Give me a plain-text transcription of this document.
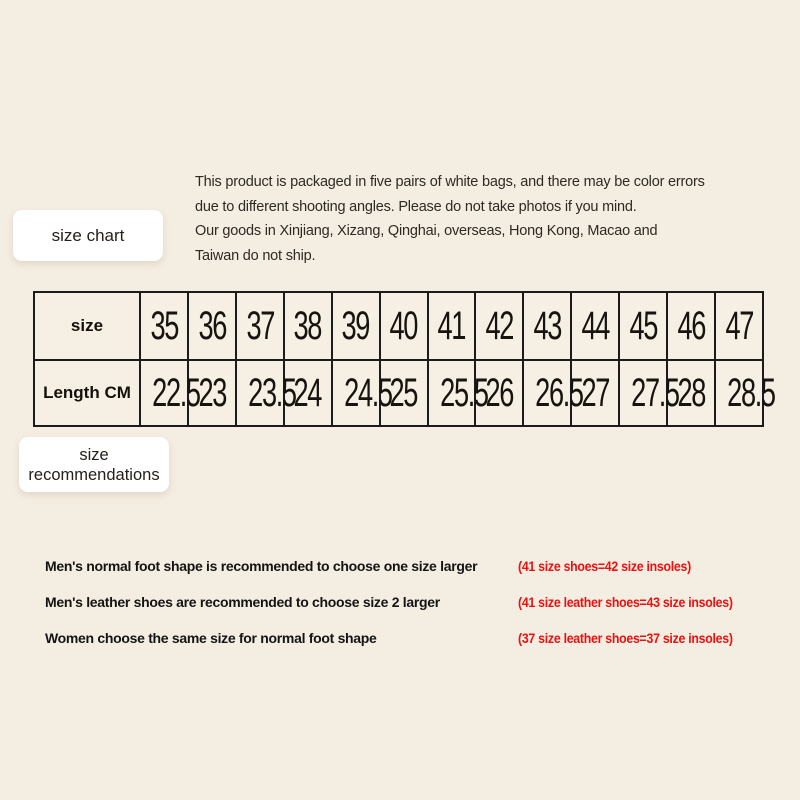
size chart
This product is packaged in five pairs of white bags, and there may be color errors
due to different shooting angles. Please do not take photos if you mind.
Our goods in Xinjiang, Xizang, Qinghai, overseas, Hong Kong, Macao and
Taiwan do not ship.
size	35	36	37	38	39	40	41	42	43	44	45	46	47
Length CM	22.5	23	23.5	24	24.5	25	25.5	26	26.5	27	27.5	28	28.5
size
recommendations
Men's normal foot shape is recommended to choose one size larger	(41 size shoes=42 size insoles)
Men's leather shoes are recommended to choose size 2 larger	(41 size leather shoes=43 size insoles)
Women choose the same size for normal foot shape	(37 size leather shoes=37 size insoles)
